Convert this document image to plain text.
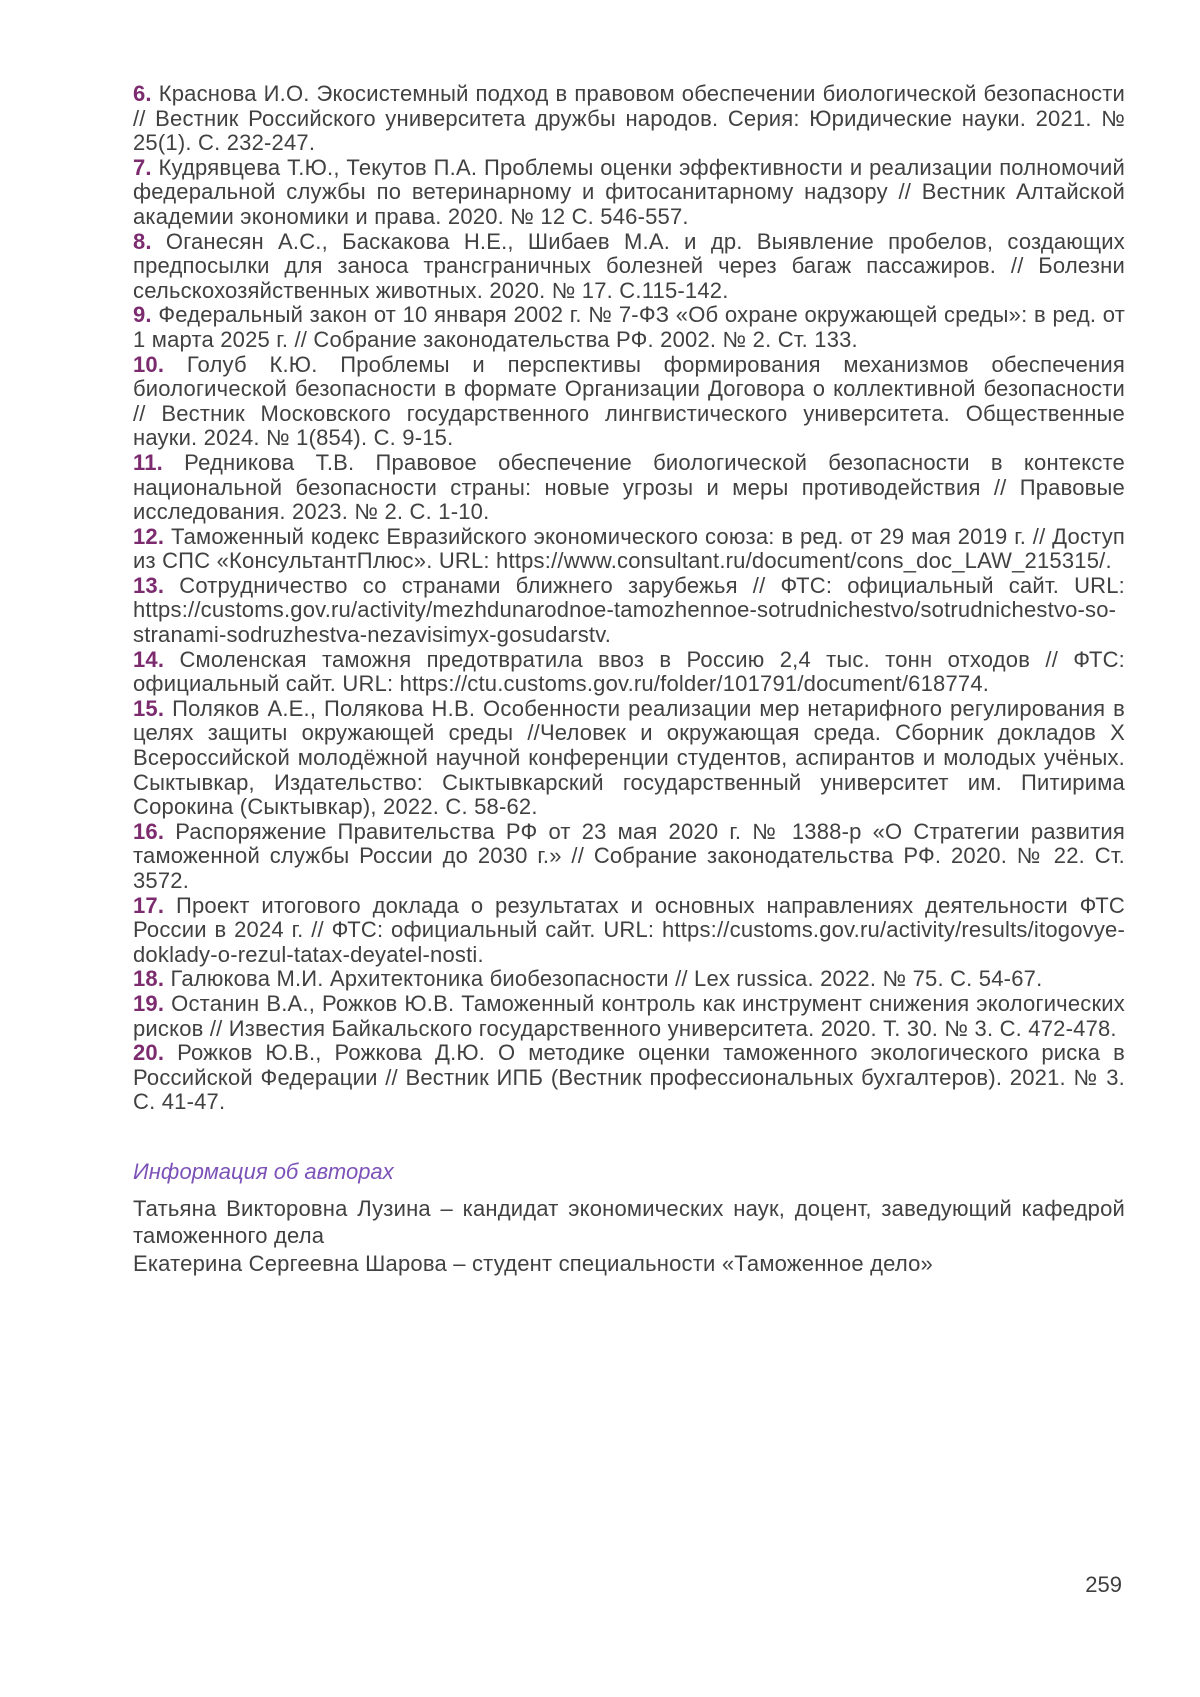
6. Краснова И.О. Экосистемный подход в правовом обеспечении биологической безопасности // Вестник Российского университета дружбы народов. Серия: Юридические науки. 2021. № 25(1). С. 232-247.

7. Кудрявцева Т.Ю., Текутов П.А. Проблемы оценки эффективности и реализации полномочий федеральной службы по ветеринарному и фитосанитарному надзору // Вестник Алтайской академии экономики и права. 2020. № 12 С. 546-557.

8. Оганесян А.С., Баскакова Н.Е., Шибаев М.А. и др. Выявление пробелов, создающих предпосылки для заноса трансграничных болезней через багаж пассажиров. // Болезни сельскохозяйственных животных. 2020. № 17. С.115-142.

9. Федеральный закон от 10 января 2002 г. № 7-ФЗ «Об охране окружающей среды»: в ред. от 1 марта 2025 г. // Собрание законодательства РФ. 2002. № 2. Ст. 133.

10. Голуб К.Ю. Проблемы и перспективы формирования механизмов обеспечения биологической безопасности в формате Организации Договора о коллективной безопасности // Вестник Московского государственного лингвистического университета. Общественные науки. 2024. № 1(854). С. 9-15.

11. Редникова Т.В. Правовое обеспечение биологической безопасности в контексте национальной безопасности страны: новые угрозы и меры противодействия // Правовые исследования. 2023. № 2. С. 1-10.

12. Таможенный кодекс Евразийского экономического союза: в ред. от 29 мая 2019 г. // Доступ из СПС «КонсультантПлюс». URL: https://www.consultant.ru/document/cons_doc_LAW_215315/.

13. Сотрудничество со странами ближнего зарубежья // ФТС: официальный сайт. URL: https://customs.gov.ru/activity/mezhdunarodnoe-tamozhennoe-sotrudnichestvo/sotrudnichestvo-so-stranami-sodruzhestva-nezavisimyx-gosudarstv.

14. Смоленская таможня предотвратила ввоз в Россию 2,4 тыс. тонн отходов // ФТС: официальный сайт. URL: https://ctu.customs.gov.ru/folder/101791/document/618774.

15. Поляков А.Е., Полякова Н.В. Особенности реализации мер нетарифного регулирования в целях защиты окружающей среды //Человек и окружающая среда. Сборник докладов X Всероссийской молодёжной научной конференции студентов, аспирантов и молодых учёных. Сыктывкар, Издательство: Сыктывкарский государственный университет им. Питирима Сорокина (Сыктывкар), 2022. С. 58-62.

16. Распоряжение Правительства РФ от 23 мая 2020 г. № 1388-р «О Стратегии развития таможенной службы России до 2030 г.» // Собрание законодательства РФ. 2020. № 22. Ст. 3572.

17. Проект итогового доклада о результатах и основных направлениях деятельности ФТС России в 2024 г. // ФТС: официальный сайт. URL: https://customs.gov.ru/activity/results/itogovye-doklady-o-rezul-tatax-deyatel-nosti.

18. Галюкова М.И. Архитектоника биобезопасности // Lex russica. 2022. № 75. С. 54-67.

19. Останин В.А., Рожков Ю.В. Таможенный контроль как инструмент снижения экологических рисков // Известия Байкальского государственного университета. 2020. Т. 30. № 3. С. 472-478.

20. Рожков Ю.В., Рожкова Д.Ю. О методике оценки таможенного экологического риска в Российской Федерации // Вестник ИПБ (Вестник профессиональных бухгалтеров). 2021. № 3. С. 41-47.

Информация об авторах

Татьяна Викторовна Лузина – кандидат экономических наук, доцент, заведующий кафедрой таможенного дела

Екатерина Сергеевна Шарова – студент специальности «Таможенное дело»

259
